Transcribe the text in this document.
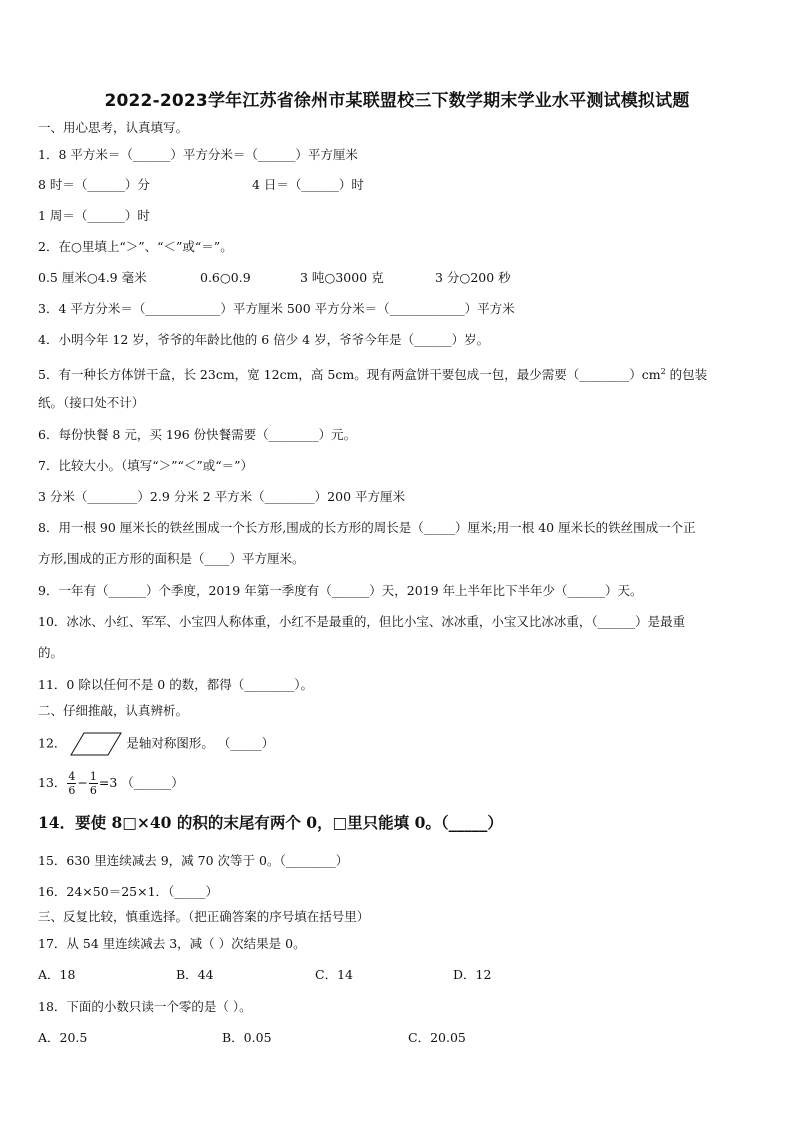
2022-2023学年江苏省徐州市某联盟校三下数学期末学业水平测试模拟试题
一、用心思考，认真填写。
1．8 平方米＝（______）平方分米＝（______）平方厘米
8 时＝（______）分	4 日＝（______）时
1 周＝（______）时
2．在○里填上“＞”、“＜”或“＝”。
0.5 厘米○4.9 毫米	0.6○0.9	3 吨○3000 克	3 分○200 秒
3．4 平方分米＝（____________）平方厘米 500 平方分米＝（____________）平方米
4．小明今年 12 岁，爷爷的年龄比他的 6 倍少 4 岁，爷爷今年是（______）岁。
5．有一种长方体饼干盒，长 23cm，宽 12cm，高 5cm。现有两盒饼干要包成一包，最少需要$(\_\_\_\_\_\_\_\_)cm^2$ 的包装
纸。（接口处不计）
6．每份快餐 8 元，买 196 份快餐需要（________）元。
7．比较大小。（填写“＞”“＜”或“＝”）
3 分米（________）2.9 分米 2 平方米（________）200 平方厘米
8．用一根 90 厘米长的铁丝围成一个长方形,围成的长方形的周长是（_____）厘米;用一根 40 厘米长的铁丝围成一个正
方形,围成的正方形的面积是（____）平方厘米。
9．一年有（______）个季度，2019 年第一季度有（______）天，2019 年上半年比下半年少（______）天。
10．冰冰、小红、军军、小宝四人称体重，小红不是最重的，但比小宝、冰冰重，小宝又比冰冰重，（______）是最重
的。
11．0 除以任何不是 0 的数，都得（________）。
二、仔细推敲，认真辨析。
12．	是轴对称图形。 （_____）
13． $\frac{4}{6} - \frac{1}{6} =3$ （______）
14．要使 8□×40 的积的末尾有两个 0，□里只能填 0。（_____）
15．630 里连续减去 9，减 70 次等于 0。（________）
16．24×50＝25×1．（_____）
三、反复比较，慎重选择。（把正确答案的序号填在括号里）
17．从 54 里连续减去 3，减（ ）次结果是 0。
A．18	B．44	C．14	D．12
18．下面的小数只读一个零的是（ ）。
A．20.5	B．0.05	C．20.05
